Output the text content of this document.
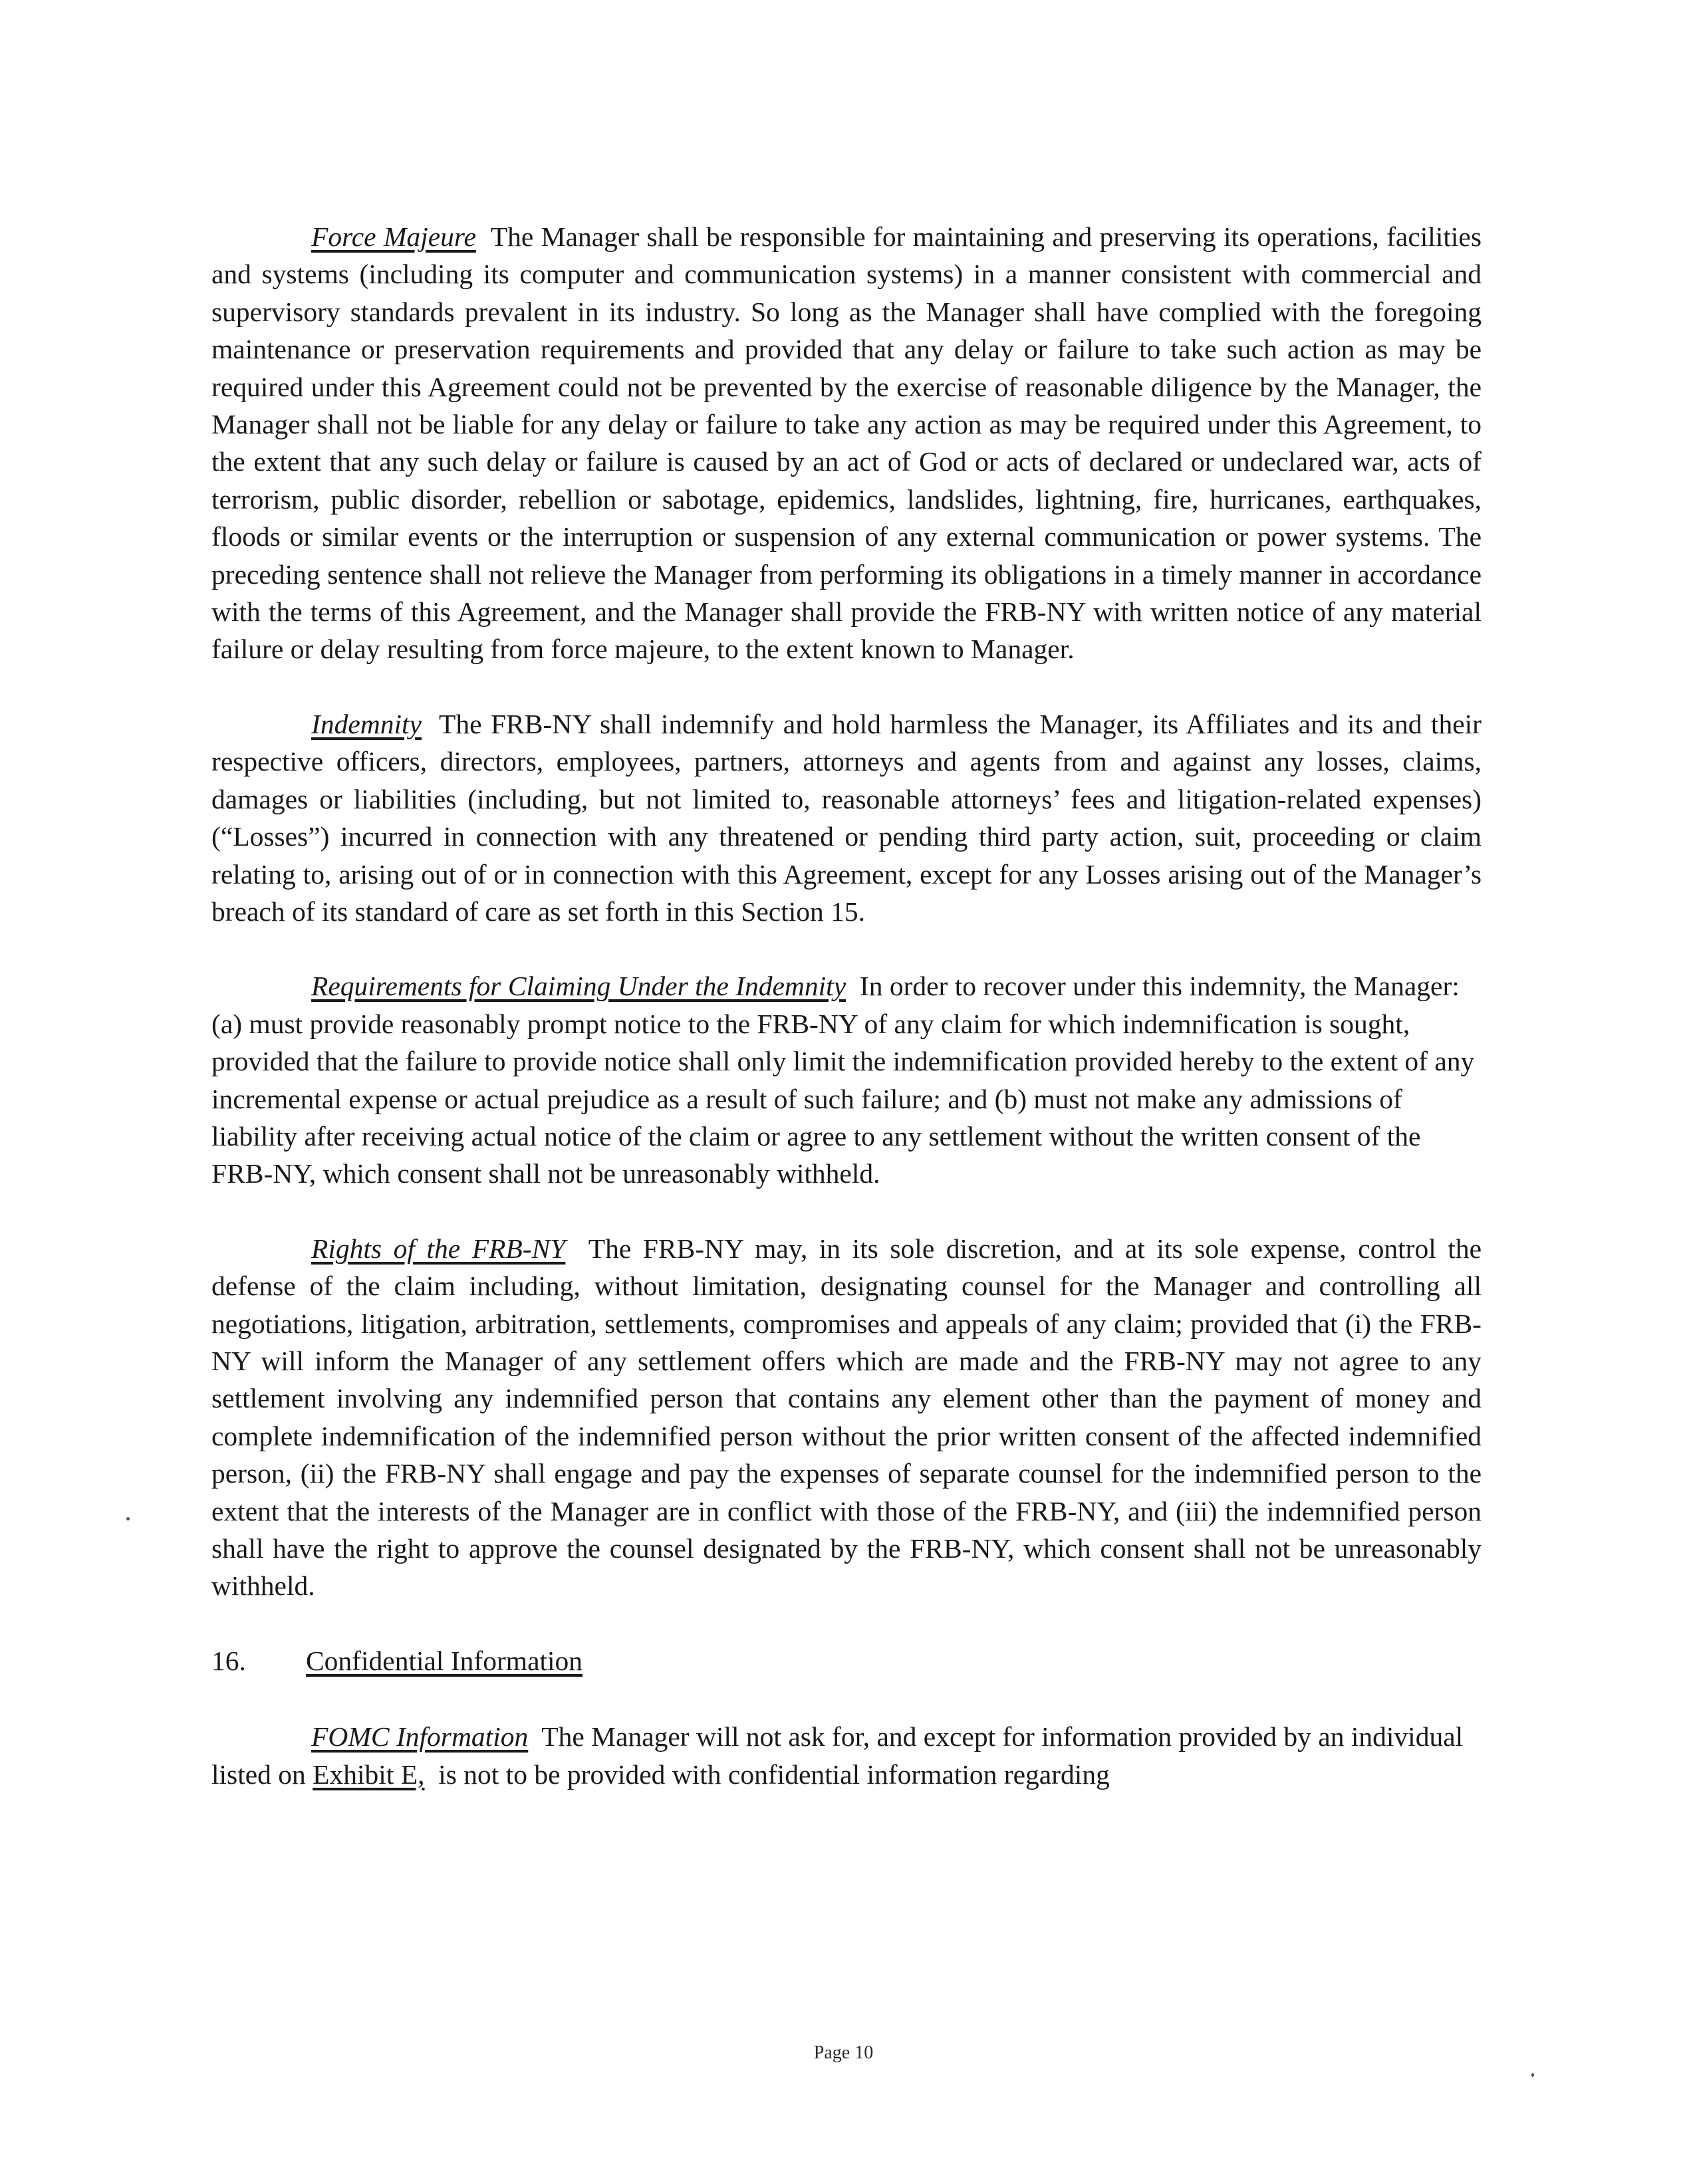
Force Majeure The Manager shall be responsible for maintaining and preserving its operations, facilities and systems (including its computer and communication systems) in a manner consistent with commercial and supervisory standards prevalent in its industry. So long as the Manager shall have complied with the foregoing maintenance or preservation requirements and provided that any delay or failure to take such action as may be required under this Agreement could not be prevented by the exercise of reasonable diligence by the Manager, the Manager shall not be liable for any delay or failure to take any action as may be required under this Agreement, to the extent that any such delay or failure is caused by an act of God or acts of declared or undeclared war, acts of terrorism, public disorder, rebellion or sabotage, epidemics, landslides, lightning, fire, hurricanes, earthquakes, floods or similar events or the interruption or suspension of any external communication or power systems. The preceding sentence shall not relieve the Manager from performing its obligations in a timely manner in accordance with the terms of this Agreement, and the Manager shall provide the FRB-NY with written notice of any material failure or delay resulting from force majeure, to the extent known to Manager.

Indemnity The FRB-NY shall indemnify and hold harmless the Manager, its Affiliates and its and their respective officers, directors, employees, partners, attorneys and agents from and against any losses, claims, damages or liabilities (including, but not limited to, reasonable attorneys’ fees and litigation-related expenses) (“Losses”) incurred in connection with any threatened or pending third party action, suit, proceeding or claim relating to, arising out of or in connection with this Agreement, except for any Losses arising out of the Manager’s breach of its standard of care as set forth in this Section 15.

Requirements for Claiming Under the Indemnity In order to recover under this indemnity, the Manager: (a) must provide reasonably prompt notice to the FRB-NY of any claim for which indemnification is sought, provided that the failure to provide notice shall only limit the indemnification provided hereby to the extent of any incremental expense or actual prejudice as a result of such failure; and (b) must not make any admissions of liability after receiving actual notice of the claim or agree to any settlement without the written consent of the FRB-NY, which consent shall not be unreasonably withheld.

Rights of the FRB-NY The FRB-NY may, in its sole discretion, and at its sole expense, control the defense of the claim including, without limitation, designating counsel for the Manager and controlling all negotiations, litigation, arbitration, settlements, compromises and appeals of any claim; provided that (i) the FRB-NY will inform the Manager of any settlement offers which are made and the FRB-NY may not agree to any settlement involving any indemnified person that contains any element other than the payment of money and complete indemnification of the indemnified person without the prior written consent of the affected indemnified person, (ii) the FRB-NY shall engage and pay the expenses of separate counsel for the indemnified person to the extent that the interests of the Manager are in conflict with those of the FRB-NY, and (iii) the indemnified person shall have the right to approve the counsel designated by the FRB-NY, which consent shall not be unreasonably withheld.

16. Confidential Information

FOMC Information The Manager will not ask for, and except for information provided by an individual listed on Exhibit E, is not to be provided with confidential information regarding

Page 10
